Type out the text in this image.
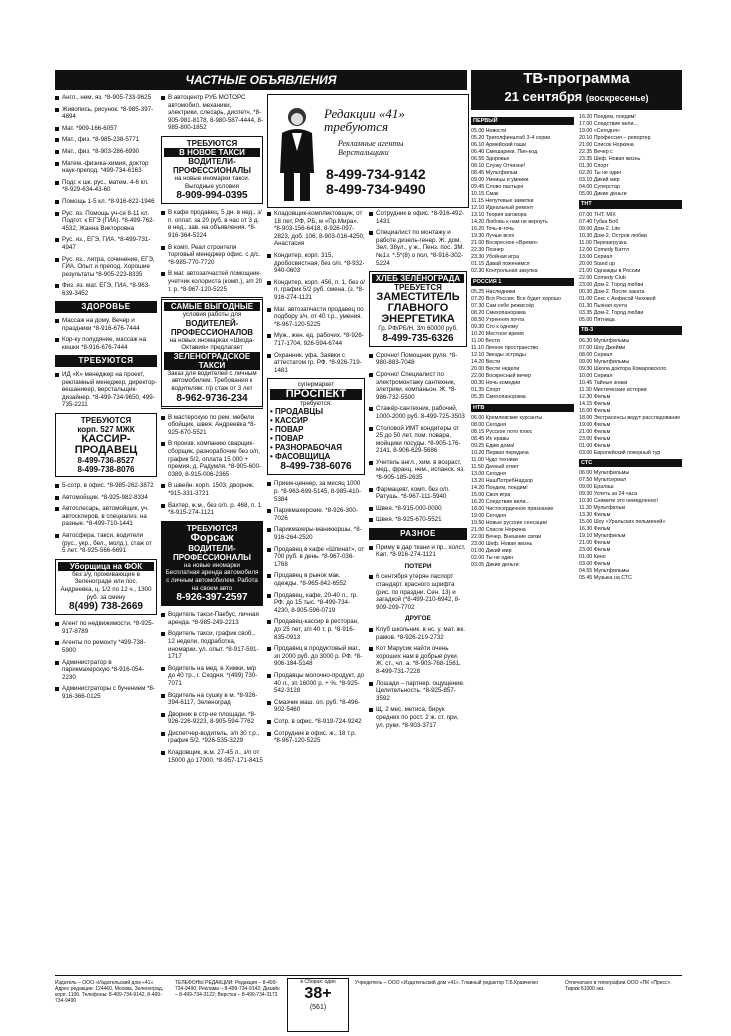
ЧАСТНЫЕ ОБЪЯВЛЕНИЯ	ТВ-программа
21 сентября (воскресенье)
Англ., нем. яз. *8-905-733-9625
Живопись, рисунок. *8-985-397-4894
Мат. *909-166-6057
Мат., физ. *8-985-238-5771
Мат., физ. *8-903-286-6990
Матем.-физика-химия, доктор наук-препод. *499-734-6163
Подг. к шк. рус., матем. 4-6 кл. *8-929-634-43-60
Помощь 1-5 кл. *8-916-622-1946
Рус. яз. Помощь уч-ся 8-11 кл. Подгот. к ЕГЭ (ГИА). *8-499-762-4532, Жанна Викторовна
Рус. яз., ЕГЭ, ГИА. *8-499-731-4947
Рус. яз., литра, сочинение, ЕГЭ, ГИА. Опыт и препод. Хорошие результаты *8-905-223-8335
Физ. яз. мат. ЕГЭ, ГИА. *8-963-639-3452
ЗДОРОВЬЕ
Массаж на дому. Вечер и праздники *8-916-676-7444
Кор-ку полудяние, массаж на кешки *8-916-676-7444
ТРЕБУЮТСЯ
ИД «К» менеджер на проект, рекламный менеджер, директор-вешаниеер, верстальщик-дизайнер. *8-499-734-9650, 499-735-2211
ТРЕБУЮТСЯ
корп. 527 МЖК
КАССИР-ПРОДАВЕЦ
8-499-736-8527
8-499-738-8076
5-сотр. в офис. *8-985-262-3872
Автомойщик. *8-925-982-8334
Автослесарь, автомойщик, уч. автосклеров, в специализ. на разные. *8-499-710-1441
Автосфера, такси, водители (рус., укр., бел., молд.), стаж от 5 лет. *8-925-566-6691
Уборщица на ФОК
без з/у, проживающие в Зеленограде или пос. Андреевка, ц. 1/2 по 12 ч., 1300 руб. за смену
8(499) 738-2669
Агент по недвижимости. *8-925-917-8789
Агенты по ремонту *499-738-5900
Администратор в парикмахерскую *8-916-054-2230
Администраторы с бучением *8-916-366-0125
В автоцентр РУБ МОТОРС автомобил, механики, электрики, слесарь, диспетч. *8-905-981-8178, 8-980-587-4444, 8-985-800-1852
ТРЕБУЮТСЯ
В НОВОЕ ТАКСИ
ВОДИТЕЛИ-ПРОФЕССИОНАЛЫ
на новые иномарки такси. Выгодные условия
8-909-994-0395
В кафе продавец. 5 дн. в нед., з/п. оплат. за 20 руб. в час от 3 д. в нед., зав. на объявления. *8-916-364-5224
В комп. Реал строителя торговый менеджер офис. с д/с. *8-985-770-7720
В маг. автозапчастей помощник-учетчик колориста (комп.), з/п 20 т. р. *8-967-120-5225
САМЫЕ ВЫГОДНЫЕ
условия работы для
ВОДИТЕЛЕЙ-ПРОФЕССИОНАЛОВ
на новых иномарках «Шкода-Октавия» предлагает
ЗЕЛЕНОГРАДСКОЕ ТАКСИ
Заказ для водителей с личным автомобилем. Требования к водителям: г/р стаж от 3 лет
8-962-9736-234
В мастерскую по рем. мебели обойщик, швея. Андреевка *8-925-670-5521
В произв. компанию сварщик-сборщик, разнорабочие без о/п, график 5/2, оплата 15 000 + премия, д. Радумля. *8-905-600-0389, 8-915-006-2365
В швейн. корп. 1503, дворник. *915-331-3721
Вахтер, ж.м., без о/п. р. 468, п. 1 *8-915-274-1121
ТРЕБУЮТСЯ
Форсаж
ВОДИТЕЛИ-ПРОФЕССИОНАЛЫ
на новые иномарки
Бесплатная аренда автомобиля с личным автомобилем. Работа на своем авто
8-926-397-2597
Водитель такси-Пакбус, личная аренда. *8-985-249-2213
Водитель такси, график своб., 12 недели, подработка, иномарки. ул. опыт. *8-917-591-1717
Водитель на мед. в Химки, м/р до 40 тр., г. Сходня. *(499) 730-7071
Водитель на сушку в м. *8-926-394-6117, Зеленоград
Дворник в стр-ие площади. *8-926-226-9223, 8-905-594-7762
Диспетчер-водитель, з/п 30 т.р., график 5/2. *926-535-3229
Кладовщик, ж.м. 27-45 л., з/п от 15000 до 17000. *8-957-171-8415
Редакции «41» требуются
Рекламные агенты
Верстальщики
8-499-734-9142
8-499-734-9490
Кладовщик-комплектовщик, от 18 лет, РФ, РБ, м «Пр.Мира». *8-903-156-6418, 8-926-097-2823, доб. 106, 8-903-016-4250, Анастасия
Кондитер, корп. 315, дробосвистная, без о/п. *8-932-940-0603
Кондитер, корп. 456, п. 1, без о/п, график 5/2 руб. смена. (з. *8-916-274-1121
Маг. автозапчасти продавец по подбору з/ч, от 40 т.р., умения. *8-967-120-5225
Муж., жен. ед. рабочих. *8-926-717-1704, 926-594-6744
Охранник. уфа. Заявки с аттестатом гр. РФ. *8-926-719-1481
супермаркет
ПРОСПЕКТ
требуются:
• ПРОДАВЦЫ
• КАССИР
• ПОВАР
• ПОВАР
• РАЗНОРАБОЧАЯ
• ФАСОВЩИЦА
8-499-738-6076
Прием-ценнер, за месяц 1000 р. *8-963-699-5145, 8-985-410-5384
Парикмахерские. *8-926-300-7026
Парикмахеры-маникюршы. *8-916-264-2520
Продавец в кафе «Шпинат», от 700 руб. в день. *8-967-036-1768
Продавец в рынок мак. одежды. *8-965-842-6552
Продавец, кафе, 20-40 л., гр. РФ. до 15 тыс. *8-499-734-4230, 8-905-596-0719
Продавец-кассир в ресторан, до 25 лет, з/п 40 т. р. *8-916-835-0913
Продавец в продуктовый маг., зп 2000 руб. до 3000 р. РФ. *8-906-184-5148
Продавцы молочно-продукт, до 40 л., зп 16000 р. + %. *8-925-542-3128
Смазчик маш. оп. руб. *8-496-902-5460
Сотр. в офис. *8-919-724-9242
Сотрудник в офис. ж., 18 т.р. *8-967-120-5225
Сотрудник в офис. *8-916-492-1431
Специалист по монтажу и работе дизель-генер. Ж. дом. Зел. 38ул., у ж., Пенз. пос. ЗМ. №1з. *.5*(8) о пол, *8-916-302-5224
ХЛЕБ ЗЕЛЁНОГРАДА
ТРЕБУЕТСЯ
ЗАМЕСТИТЕЛЬ ГЛАВНОГО ЭНЕРГЕТИКА
Гр. РФ/РБ/Н, З/п 60000 руб.
8-499-735-6326
Срочно! Помощник руля. *8-980-883-7048
Срочно! Специалист по электромонтажу сантехник, элетрики, компаньон. Ж. *8-986-732-5500
Стажёр-сантехник, рабочий, 1000-2000 руб. 8-499-725-3503
Столовой ИМТ кондитеры от 25 до 50 лет, пом. повара, мойщики посуды. *8-905-176-2141, 8-906-629-5686
Учитель англ., хим. в возраст, мед., франц. нем., испанск. яз. *8-905-185-2635
Фармацевт, комп. без о/п. Ратушь. *8-967-111-5940
Швея. *8-915-000-0000
Швея. *8-925-670-5521
РАЗНОЕ
Приму в дар ткани и пр., холст. Кап. *8-916-274-1121
ПОТЕРИ
6 сентября утерян паспорт стандарт. красного шрифта (рис. по праздни. Сен. 13) и загадкой (*8-499-210-6942, 8-909-209-7702
ДРУГОЕ
Клуб школьник. в нс. у. мат. жк. рамов. *8-926-219-2732
Кот Марусик найти очень хороших нам в добрые руки. Ж. ст., чл. а. *8-903-768-1561, 8-499-731-7228
Лошади – партнер. ощущение. Целительность. *8-925-857-3592
Щ. 2 мес. метиса, бирук средних по рост. 2 ж. ст. при, ул. руки. *8-903-3717
ПЕРВЫЙ
05.00 Новости
05.20 Триголфинштаб 3-4 серии
06.10 Армейский гаши
06.40 Смешарики. Пин-код
06.55 Здоровье
08.10 Служу Отчизне!
08.45 Мультфильм
09.00 Умницы и умники
09.45 Слово пастыря
10.15 Смак
11.15 Непутевые заметки
12.10 Идеальный ремонт
13.10 Теория заговора
14.20 Любовь к нам не вернуть
16.20 Точь-в-точь
19.30 Лучше всех
21.00 Воскресное «Время»
22.30 Познер
23.30 Убойная игра
01.15 Давай поженимся
02.30 Контрольная закупка
РОССИЯ 1
05.25 Наследники
07.20 Вся Россия. Все будет хорошо
07.30 Сам себе режиссёр
08.20 Смехопанорама
08.50 Утренняя почта
09.30 Сто к одному
10.20 Местное время
11.00 Вести
11.10 Личное пространство
12.10 Звезды эстрады
14.20 Вести
20.00 Вести недели
22.00 Воскресный вечер
00.30 Ночь комедии
01.35 Спорт
05.35 Смехопанорама
НТВ
06.00 Кремлевские курсанты
08.00 Сегодня
08.15 Русское лото плюс
08.45 Их нравы
09.25 Едим дома!
10.20 Первая передача
11.00 Чудо техники
11.50 Дачный ответ
13.00 Сегодня
13.20 НашПотребНадзор
14.20 Поедем, поедим!
15.00 Своя игра
16.20 Следствие вели...
18.00 Чистосердечное признание
19.00 Сегодня
19.50 Новые русские сенсации
21.00 Список Норкина
22.00 Вечер. Внешние связи
23.00 Шеф. Новая жизнь
01.00 Дикий мир
02.00 Ты не один
03.05 Дикие деньги
16.20 Поедем, поедим!
17.00 Следствие вели...
19.00 «Сегодня»
20.10 Профессия – репортер
21.00 Список Норкина
22.35 Вечер с
23.35 Шеф. Новая жизнь
01.30 Спорт
02.20 Ты не один
03.10 Дикий мир
04.00 Суперстар
05.00 Дикие деньги
ТНТ
07.00 ТНТ. MIX
07.40 Губка Боб
09.00 Дом-2. Lite
10.30 Дом-2. Остров любви
11.00 Перезагрузка
12.00 Comedy Баттл
13.00 Сериал
20.00 Stand up
21.00 Однажды в России
22.00 Comedy Club
23.00 Дом-2. Город любви
00.30 Дом-2. После заката
01.00 Секс с Анфисой Чеховой
01.30 Пьяная хунта
03.35 Дом-2. Город любви
05.00 Пятница
ТВ-3
06.30 Мультфильмы
07.00 Шоу Джейми
08.00 Сериал
09.00 Мультфильмы
09.30 Школа доктора Комаровского
10.00 Сериал
10.45 Тайные знаки
11.30 Мистические истории
12.30 Фильм
14.15 Фильм
16.00 Фильм
18.00 Экстрасенсы ведут расследование
19.00 Фильм
21.00 Фильм
23.00 Фильм
01.00 Фильм
03.00 Европейский покерный тур
СТС
06.00 Мультфильмы
07.50 Мультсериал
09.00 Ералаш
09.30 Успеть за 24 часа
10.30 Снимите это немедленно!
11.30 Мультфильм
13.30 Фильм
15.00 Шоу «Уральских пельменей»
16.30 Фильм
19.10 Мультфильм
21.00 Фильм
23.00 Фильм
01.00 Кино
03.00 Фильм
04.55 Мультфильмы
05.45 Музыка на СТС
Издатель – ООО «Издательский дом «41». Адрес редакции: 124460, Москва, Зеленоград, корп. 1106. Телефоны: 8-499-734-9142, 8-499-734-9490
ТЕЛЕФОНЫ РЕДАКЦИИ: Редакция – 8-499-734-9490; Реклама – 8-499-734-9142; Дизайн – 8-499-734-3122; Верстка – 8-499-734-3173
в Сборах: один
38+
(561)
Учредитель – ООО «Издательский дом «41». Главный редактор Т.Б.Кравченко	Отпечатано в типографии ООО «ПК «Пресс». Тираж 61000 экз.
